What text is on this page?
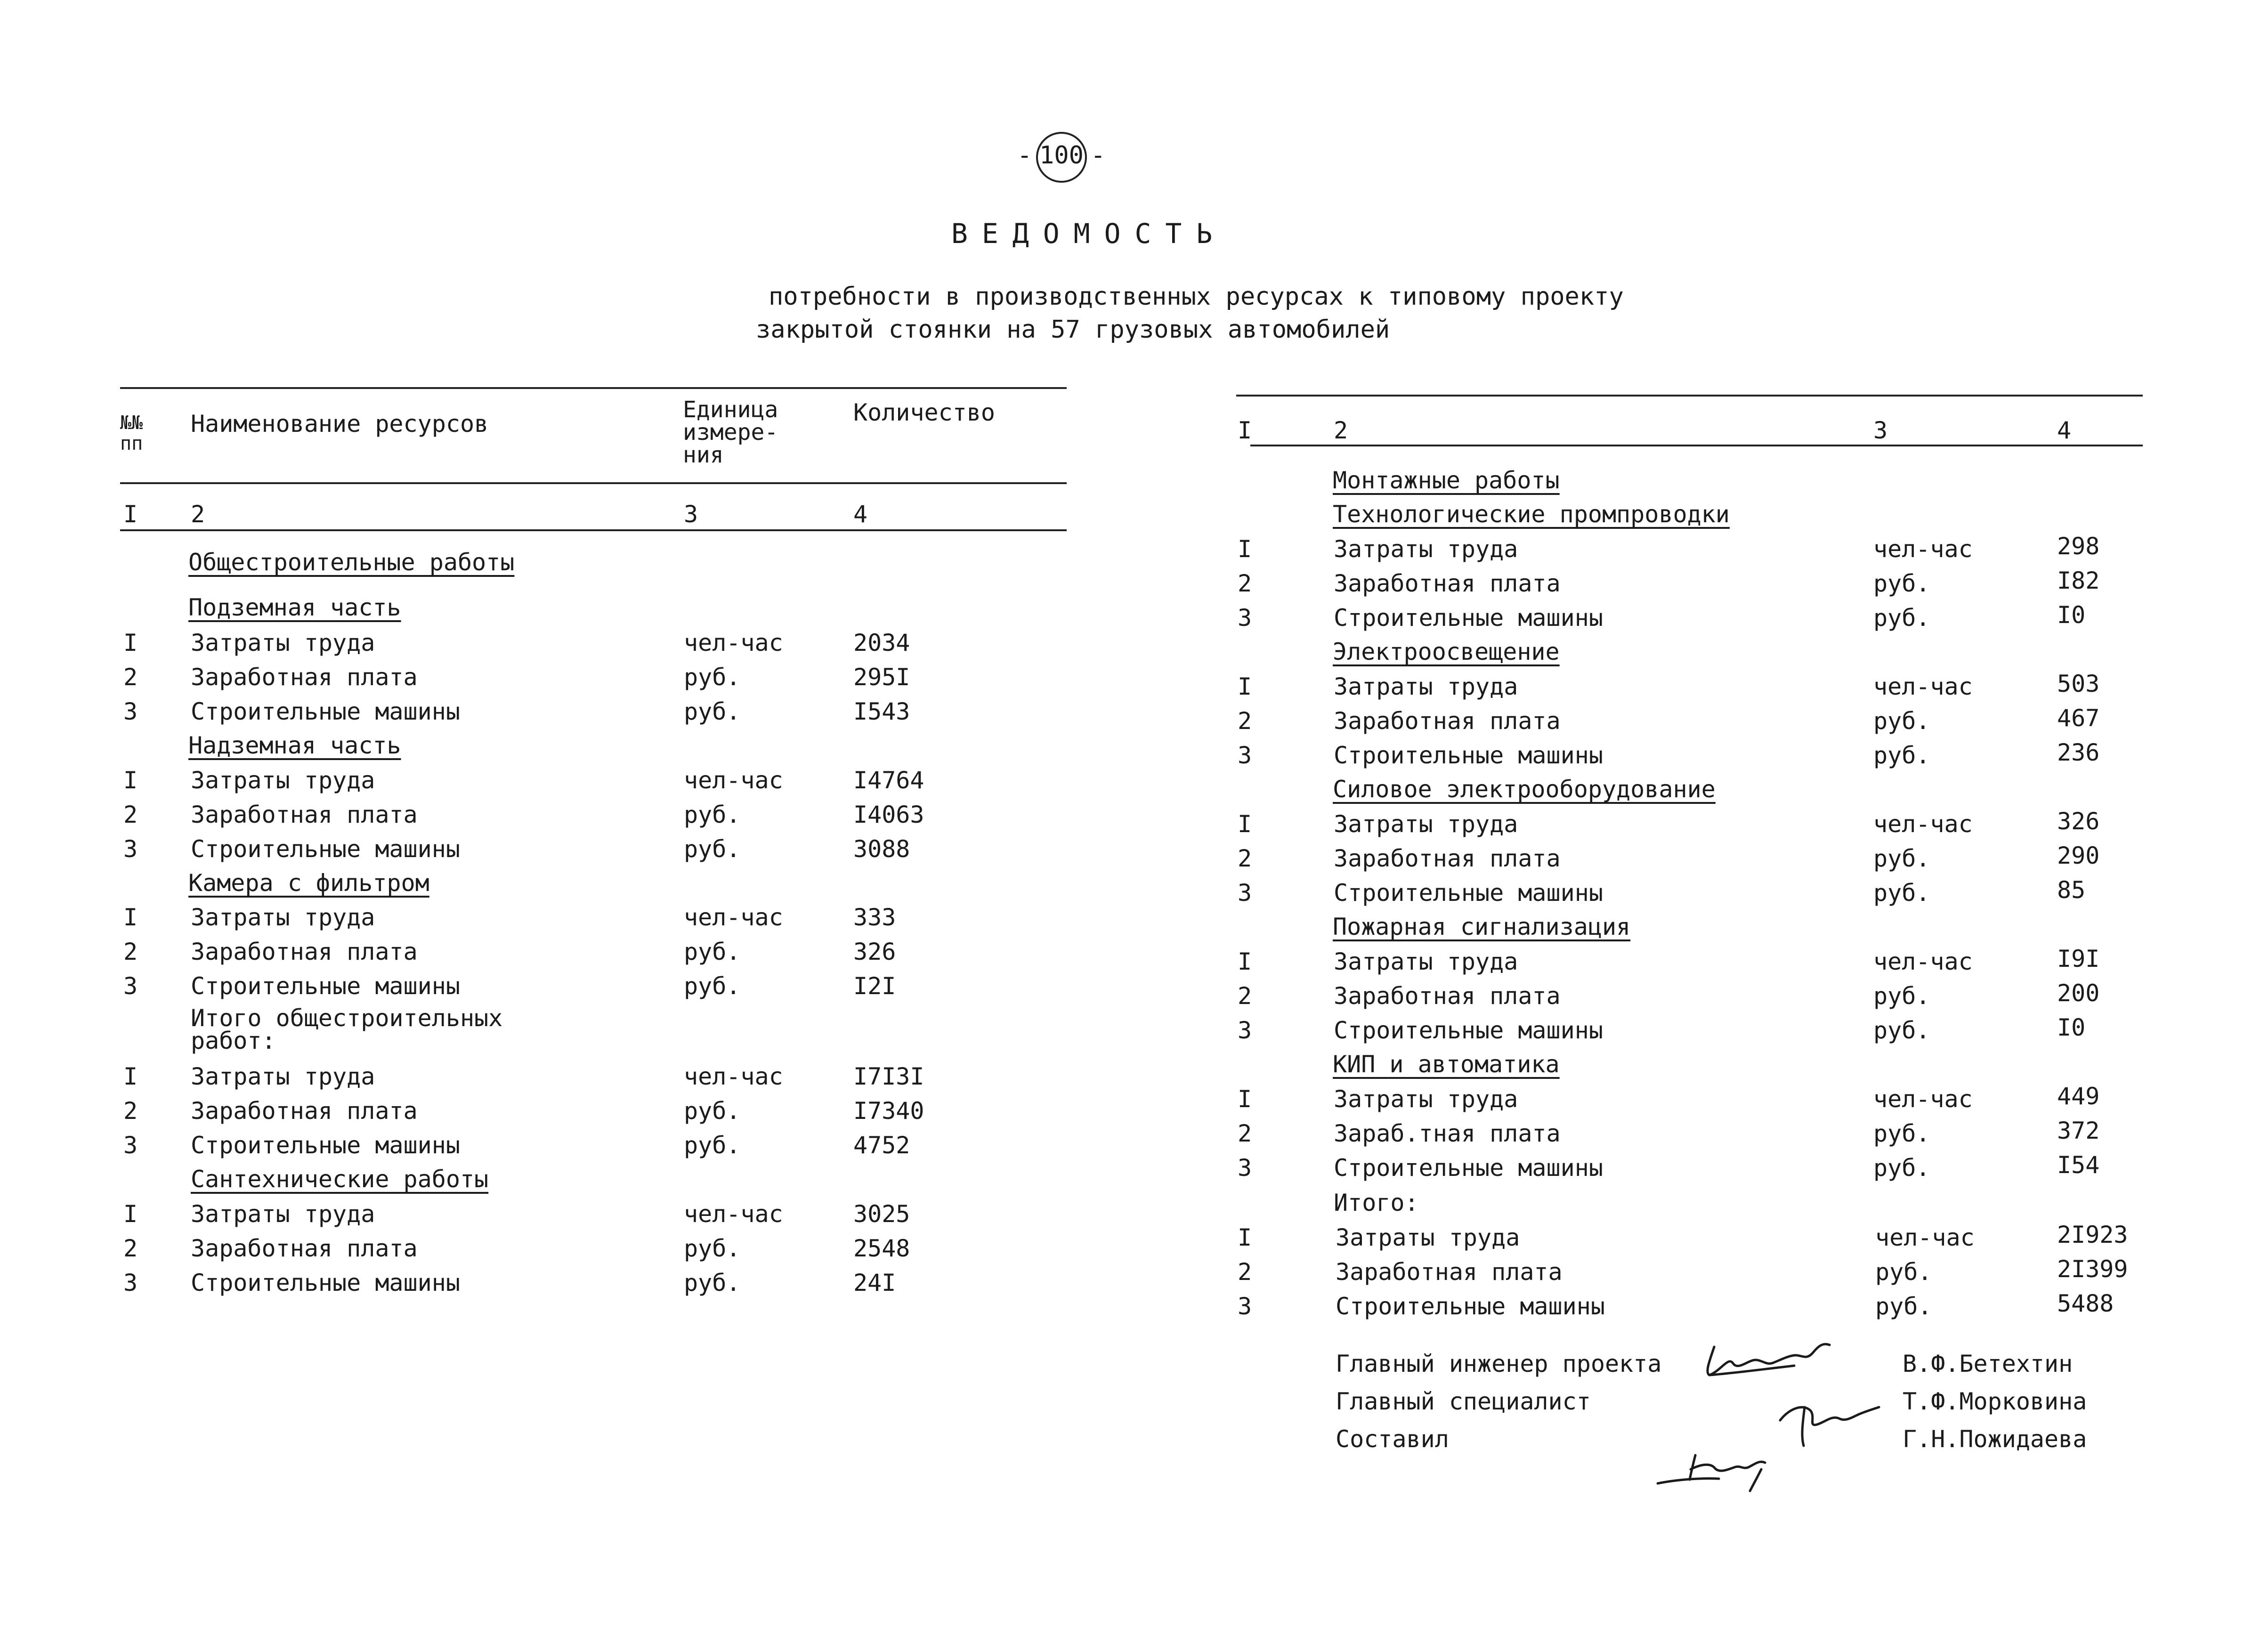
- 100 -
ВЕДОМОСТЬ
потребности в производственных ресурсах к типовому проекту
закрытой стоянки на 57 грузовых автомобилей
№№ пп
Наименование ресурсов
Единица измере- ния
Количество
I 2	3	4
Общестроительные работы
Подземная часть
I Затраты труда	чел-час	2034
2 Заработная плата	руб.	295I
3 Строительные машины	руб.	I543
Надземная часть
I Затраты труда	чел-час	I4764
2 Заработная плата	руб.	I4063
3 Строительные машины	руб.	3088
Камера с фильтром
I Затраты труда	чел-час	333
2 Заработная плата	руб.	326
3 Строительные машины	руб.	I2I
Итого общестроительных работ:
I Затраты труда	чел-час	I7I3I
2 Заработная плата	руб.	I7340
3 Строительные машины	руб.	4752
Сантехнические работы
I Затраты труда	чел-час	3025
2 Заработная плата	руб.	2548
3 Строительные машины	руб.	24I
I	2	3	4
Монтажные работы
Технологические промпроводки
I	Затраты труда	чел-час	298
2	Заработная плата	руб.	I82
3	Строительные машины	руб.	I0
Электроосвещение
I	Затраты труда	чел-час	503
2	Заработная плата	руб.	467
3	Строительные машины	руб.	236
Силовое электрооборудование
I	Затраты труда	чел-час	326
2	Заработная плата	руб.	290
3	Строительные машины	руб.	85
Пожарная сигнализация
I	Затраты труда	чел-час	I9I
2	Заработная плата	руб.	200
3	Строительные машины	руб.	I0
КИП и автоматика
I	Затраты труда	чел-час	449
2	Зараб.тная плата	руб.	372
3	Строительные машины	руб.	I54
Итого:
I	Затраты труда	чел-час	2I923
2	Заработная плата	руб.	2I399
3	Строительные машины	руб.	5488
Главный инженер проекта	В.Ф.Бетехтин
Главный специалист	Т.Ф.Морковина
Составил	Г.Н.Пожидаева
